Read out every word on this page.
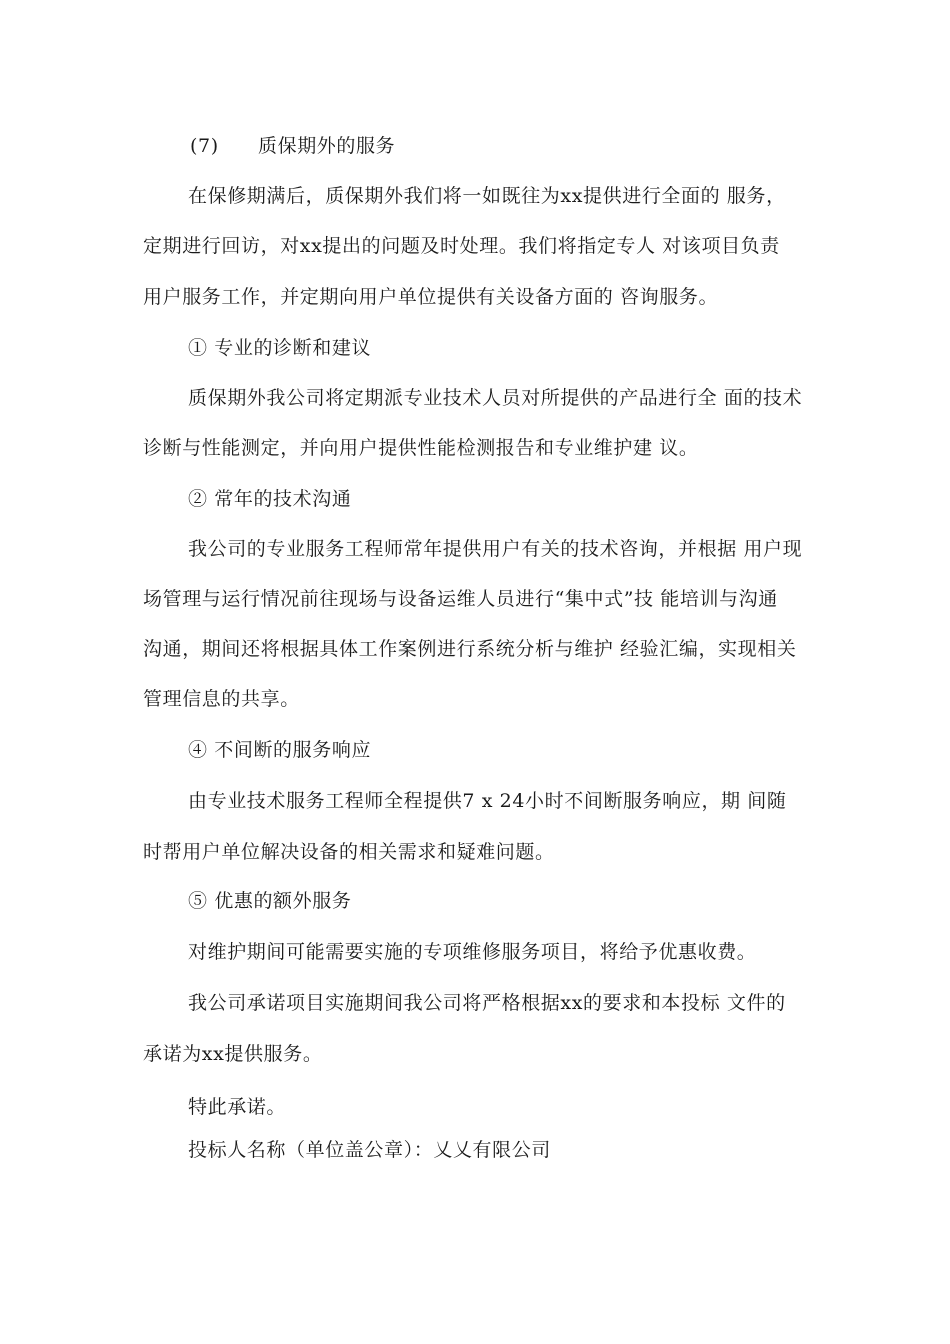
(7) 质保期外的服务
在保修期满后，质保期外我们将一如既往为xx提供进行全面的 服务，
定期进行回访，对xx提出的问题及时处理。我们将指定专人 对该项目负责
用户服务工作，并定期向用户单位提供有关设备方面的 咨询服务。
① 专业的诊断和建议
质保期外我公司将定期派专业技术人员对所提供的产品进行全 面的技术
诊断与性能测定，并向用户提供性能检测报告和专业维护建 议。
② 常年的技术沟通
我公司的专业服务工程师常年提供用户有关的技术咨询，并根据 用户现
场管理与运行情况前往现场与设备运维人员进行“集中式”技 能培训与沟通
沟通，期间还将根据具体工作案例进行系统分析与维护 经验汇编，实现相关
管理信息的共享。
④ 不间断的服务响应
由专业技术服务工程师全程提供7 x 24小时不间断服务响应，期 间随
时帮用户单位解决设备的相关需求和疑难问题。
⑤ 优惠的额外服务
对维护期间可能需要实施的专项维修服务项目，将给予优惠收费。
我公司承诺项目实施期间我公司将严格根据xx的要求和本投标 文件的
承诺为xx提供服务。
特此承诺。
投标人名称（单位盖公章）：乂乂有限公司
